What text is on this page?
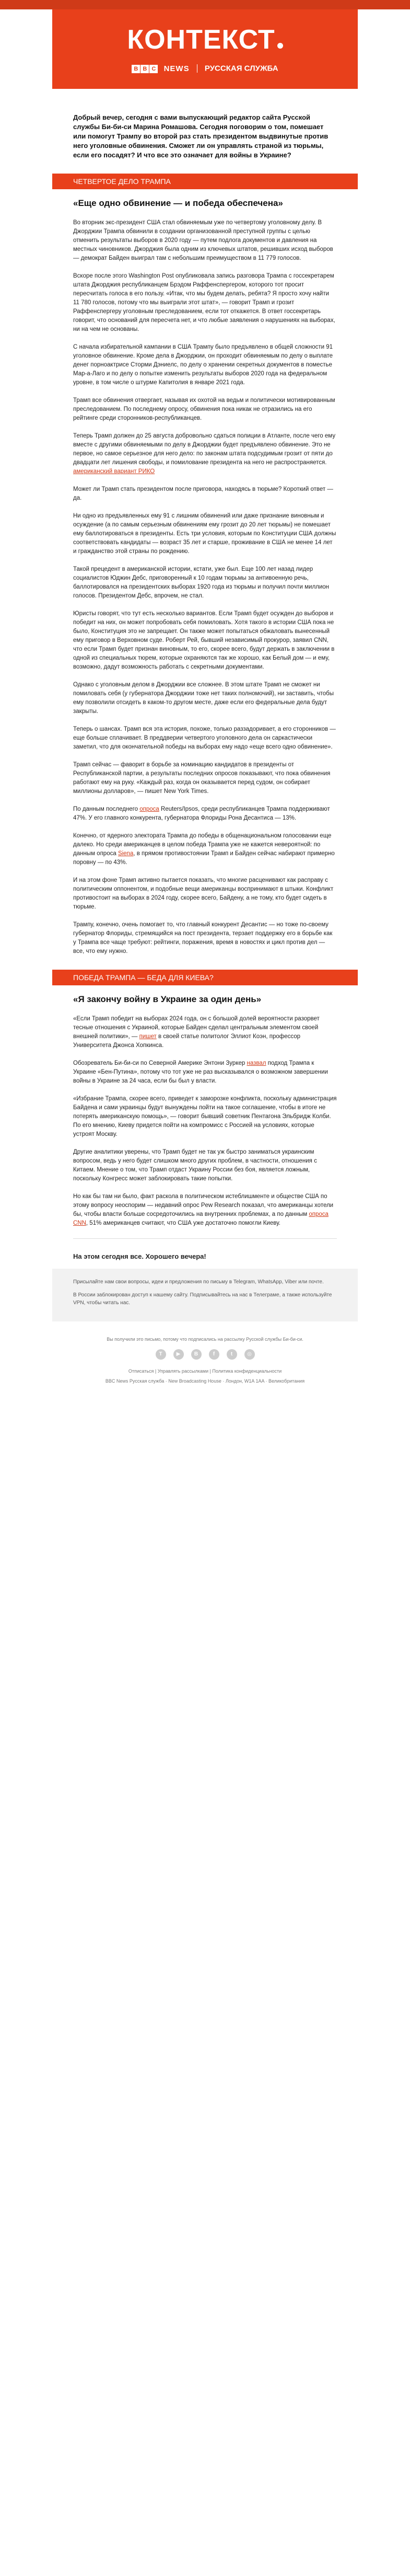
КОНТЕКСТ
B B C NEWS РУССКАЯ СЛУЖБА
Добрый вечер, сегодня с вами выпускающий редактор сайта Русской службы Би-би-си Марина Ромашова. Сегодня поговорим о том, помешает или помогут Трампу во второй раз стать президентом выдвинутые против него уголовные обвинения. Сможет ли он управлять страной из тюрьмы, если его посадят? И что все это означает для войны в Украине?
ЧЕТВЕРТОЕ ДЕЛО ТРАМПА
«Еще одно обвинение — и победа обеспечена»

Во вторник экс-президент США стал обвиняемым уже по четвертому уголовному делу. В Джорджии Трампа обвинили в создании организованной преступной группы с целью отменить результаты выборов в 2020 году — путем подлога документов и давления на местных чиновников. Джорджия была одним из ключевых штатов, решивших исход выборов — демократ Байден выиграл там с небольшим преимуществом в 11 779 голосов.

Вскоре после этого Washington Post опубликовала запись разговора Трампа с госсекретарем штата Джорджия республиканцем Брэдом Раффенспергером, которого тот просит пересчитать голоса в его пользу. «Итак, что мы будем делать, ребята? Я просто хочу найти 11 780 голосов, потому что мы выиграли этот штат», — говорит Трамп и грозит Раффенспергеру уголовным преследованием, если тот откажется. В ответ госсекретарь говорит, что оснований для пересчета нет, и что любые заявления о нарушениях на выборах, ни на чем не основаны.

С начала избирательной кампании в США Трампу было предъявлено в общей сложности 91 уголовное обвинение. Кроме дела в Джорджии, он проходит обвиняемым по делу о выплате денег порноактрисе Сторми Дэниелс, по делу о хранении секретных документов в поместье Мар-а-Лаго и по делу о попытке изменить результаты выборов 2020 года на федеральном уровне, в том числе о штурме Капитолия в январе 2021 года.

Трамп все обвинения отвергает, называя их охотой на ведьм и политически мотивированным преследованием. По последнему опросу, обвинения пока никак не отразились на его рейтинге среди сторонников-республиканцев.

Теперь Трамп должен до 25 августа добровольно сдаться полиции в Атланте, после чего ему вместе с другими обвиняемыми по делу в Джорджии будет предъявлено обвинение. Это не первое, но самое серьезное для него дело: по законам штата подсудимым грозит от пяти до двадцати лет лишения свободы, и помилование президента на него не распространяется. американский вариант РИКО

Может ли Трамп стать президентом после приговора, находясь в тюрьме? Короткий ответ — да.

Ни одно из предъявленных ему 91 с лишним обвинений или даже признание виновным и осуждение (а по самым серьезным обвинениям ему грозит до 20 лет тюрьмы) не помешает ему баллотироваться в президенты. Есть три условия, которым по Конституции США должны соответствовать кандидаты — возраст 35 лет и старше, проживание в США не менее 14 лет и гражданство этой страны по рождению.

Такой прецедент в американской истории, кстати, уже был. Еще 100 лет назад лидер социалистов Юджин Дебс, приговоренный к 10 годам тюрьмы за антивоенную речь, баллотировался на президентских выборах 1920 года из тюрьмы и получил почти миллион голосов. Президентом Дебс, впрочем, не стал.

Юристы говорят, что тут есть несколько вариантов. Если Трамп будет осужден до выборов и победит на них, он может попробовать себя помиловать. Хотя такого в истории США пока не было, Конституция это не запрещает. Он также может попытаться обжаловать вынесенный ему приговор в Верховном суде. Роберт Рей, бывший независимый прокурор, заявил CNN, что если Трамп будет признан виновным, то его, скорее всего, будут держать в заключении в одной из специальных тюрем, которые охраняются так же хорошо, как Белый дом — и ему, возможно, дадут возможность работать с секретными документами.

Однако с уголовным делом в Джорджии все сложнее. В этом штате Трамп не сможет ни помиловать себя (у губернатора Джорджии тоже нет таких полномочий), ни заставить, чтобы ему позволили отсидеть в каком-то другом месте, даже если его федеральные дела будут закрыты.

Теперь о шансах. Трамп вся эта история, похоже, только раззадоривает, а его сторонников — еще больше сплачивает. В преддверии четвертого уголовного дела он саркастически заметил, что для окончательной победы на выборах ему надо «еще всего одно обвинение».

Трамп сейчас — фаворит в борьбе за номинацию кандидатов в президенты от Республиканской партии, а результаты последних опросов показывают, что пока обвинения работают ему на руку. «Каждый раз, когда он оказывается перед судом, он собирает миллионы долларов», — пишет New York Times.

По данным последнего опроса Reuters/Ipsos, среди республиканцев Трампа поддерживают 47%. У его главного конкурента, губернатора Флориды Рона Десантиса — 13%.

Конечно, от ядерного электората Трампа до победы в общенациональном голосовании еще далеко. Но среди американцев в целом победа Трампа уже не кажется невероятной: по данным опроса Siena, в прямом противостоянии Трамп и Байден сейчас набирают примерно поровну — по 43%.

И на этом фоне Трамп активно пытается показать, что многие расценивают как расправу с политическим оппонентом, и подобные вещи американцы воспринимают в штыки. Конфликт противостоит на выборах в 2024 году, скорее всего, Байдену, а не тому, кто будет сидеть в тюрьме.

Трампу, конечно, очень помогает то, что главный конкурент Десантис — но тоже по-своему губернатор Флориды, стремящийся на пост президента, терзает поддержку его в борьбе как у Трампа все чаще требуют: рейтинги, поражения, время в новостях и цикл против дел — все, что ему нужно.

ПОБЕДА ТРАМПА — БЕДА ДЛЯ КИЕВА?
«Я закончу войну в Украине за один день»

«Если Трамп победит на выборах 2024 года, он с большой долей вероятности разорвет тесные отношения с Украиной, которые Байден сделал центральным элементом своей внешней политики», — пишет в своей статье политолог Эллиот Коэн, профессор Университета Джонса Хопкинса.

Обозреватель Би-би-си по Северной Америке Энтони Зуркер назвал подход Трампа к Украине «Бен-Путина», потому что тот уже не раз высказывался о возможном завершении войны в Украине за 24 часа, если бы был у власти.

«Избрание Трампа, скорее всего, приведет к заморозке конфликта, поскольку администрация Байдена и сами украинцы будут вынуждены пойти на такое соглашение, чтобы в итоге не потерять американскую помощь», — говорит бывший советник Пентагона Эльбридж Колби. По его мнению, Киеву придется пойти на компромисс с Россией на условиях, которые устроят Москву.

Другие аналитики уверены, что Трамп будет не так уж быстро заниматься украинским вопросом, ведь у него будет слишком много других проблем, в частности, отношения с Китаем. Мнение о том, что Трамп отдаст Украину России без боя, является ложным, поскольку Конгресс может заблокировать такие попытки.

Но как бы там ни было, факт раскола в политическом истеблишменте и обществе США по этому вопросу неоспорим — недавний опрос Pew Research показал, что американцы хотели бы, чтобы власти больше сосредоточились на внутренних проблемах, а по данным опроса CNN, 51% американцев считают, что США уже достаточно помогли Киеву.

На этом сегодня все. Хорошего вечера!

Присылайте нам свои вопросы, идеи и предложения по письму в Telegram, WhatsApp, Viber или почте.

В России заблокирован доступ к нашему сайту. Подписывайтесь на нас в Телеграме, а также используйте VPN, чтобы читать нас.

Вы получили это письмо, потому что подписались на рассылку Русской службы Би-би-си.

T	▶	B	f	t	◎

Отписаться | Управлять рассылками | Политика конфиденциальности

BBC News Русская служба · New Broadcasting House · Лондон, W1A 1AA · Великобритания
